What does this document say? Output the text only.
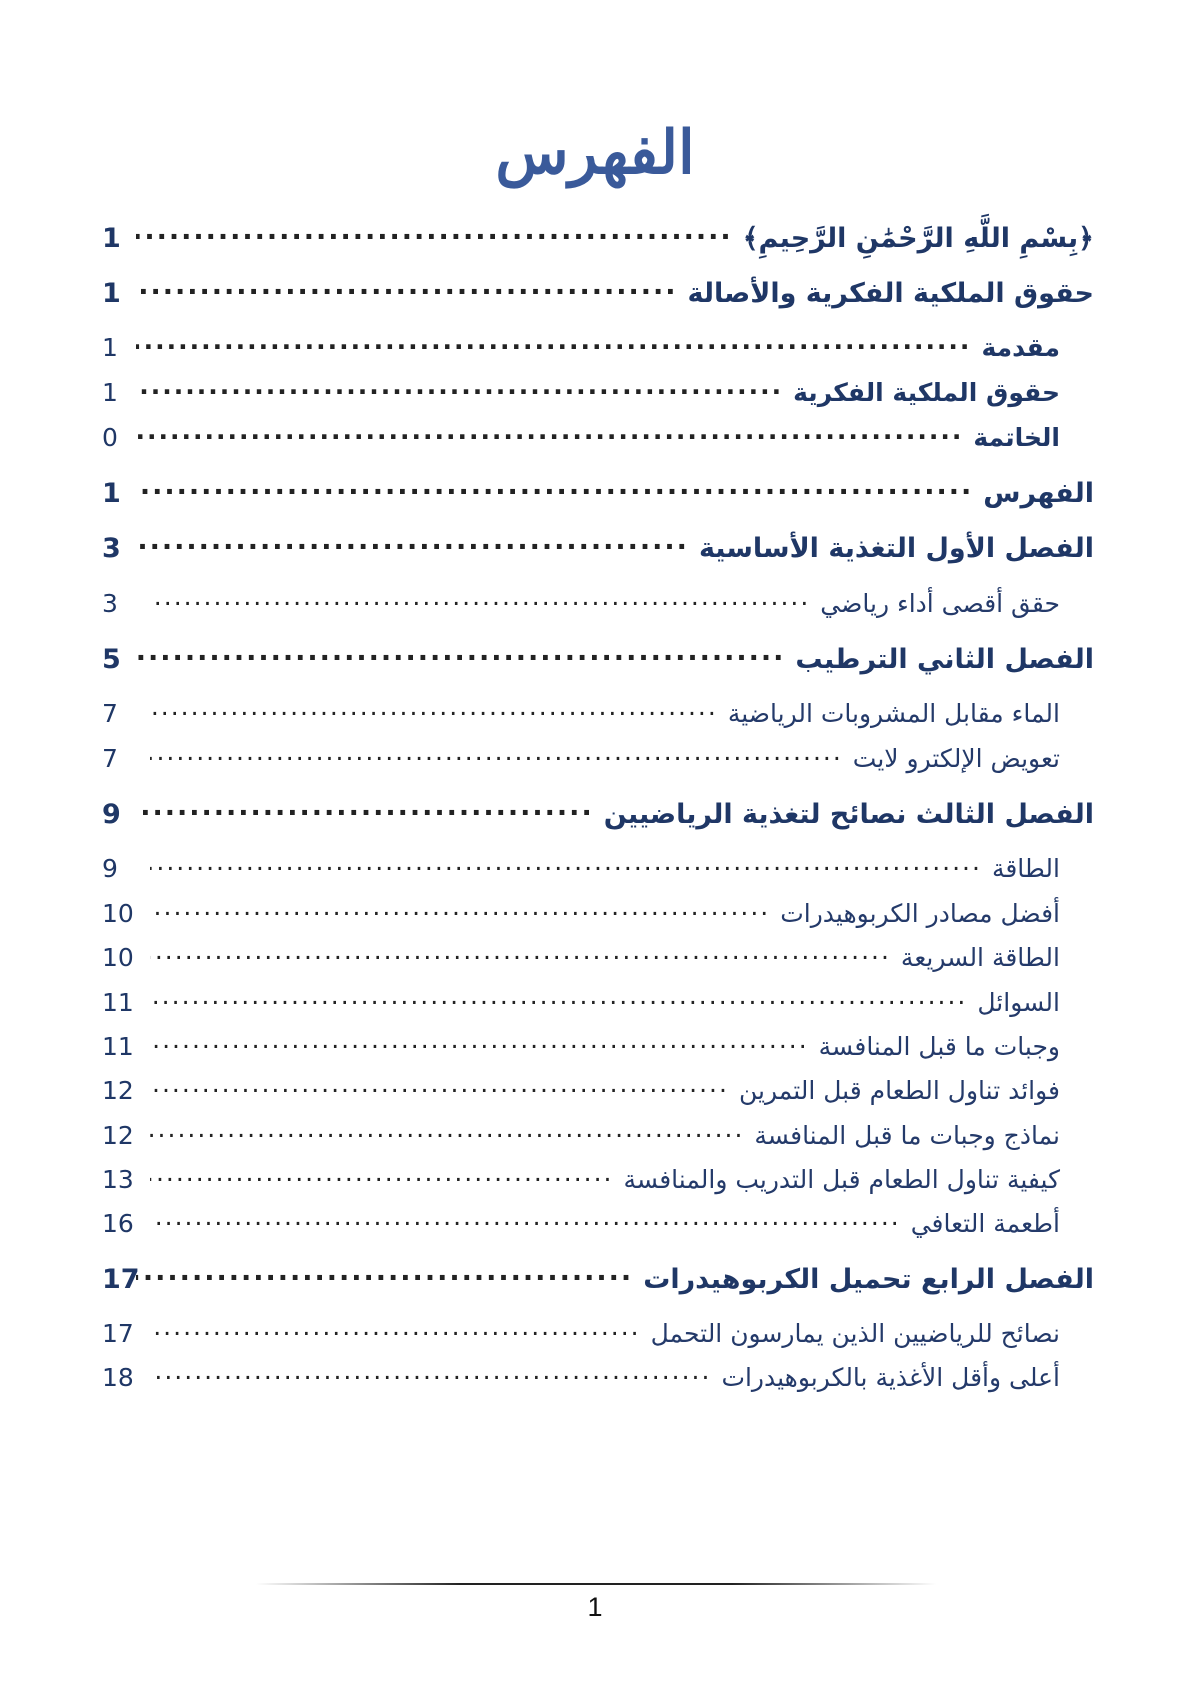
الفهرس
﴿بِسْمِ اللَّهِ الرَّحْمَٰنِ الرَّحِيمِ﴾
.....
1
حقوق الملكية الفكرية والأصالة
.....
1
مقدمة
.....
1
حقوق الملكية الفكرية
.....
1
الخاتمة
.....
0
الفهرس
.....
1
الفصل الأول التغذية الأساسية
.....
3
حقق أقصى أداء رياضي
.....
3
الفصل الثاني الترطيب
.....
5
الماء مقابل المشروبات الرياضية
.....
7
تعويض الإلكترو لايت
.....
7
الفصل الثالث نصائح لتغذية الرياضيين
.....
9
الطاقة
.....
9
أفضل مصادر الكربوهيدرات
.....
10
الطاقة السريعة
.....
10
السوائل
.....
11
وجبات ما قبل المنافسة
.....
11
فوائد تناول الطعام قبل التمرين
.....
12
نماذج وجبات ما قبل المنافسة
.....
12
كيفية تناول الطعام قبل التدريب والمنافسة
.....
13
أطعمة التعافي
.....
16
الفصل الرابع تحميل الكربوهيدرات
.....
17
نصائح للرياضيين الذين يمارسون التحمل
.....
17
أعلى وأقل الأغذية بالكربوهيدرات
.....
18
1
